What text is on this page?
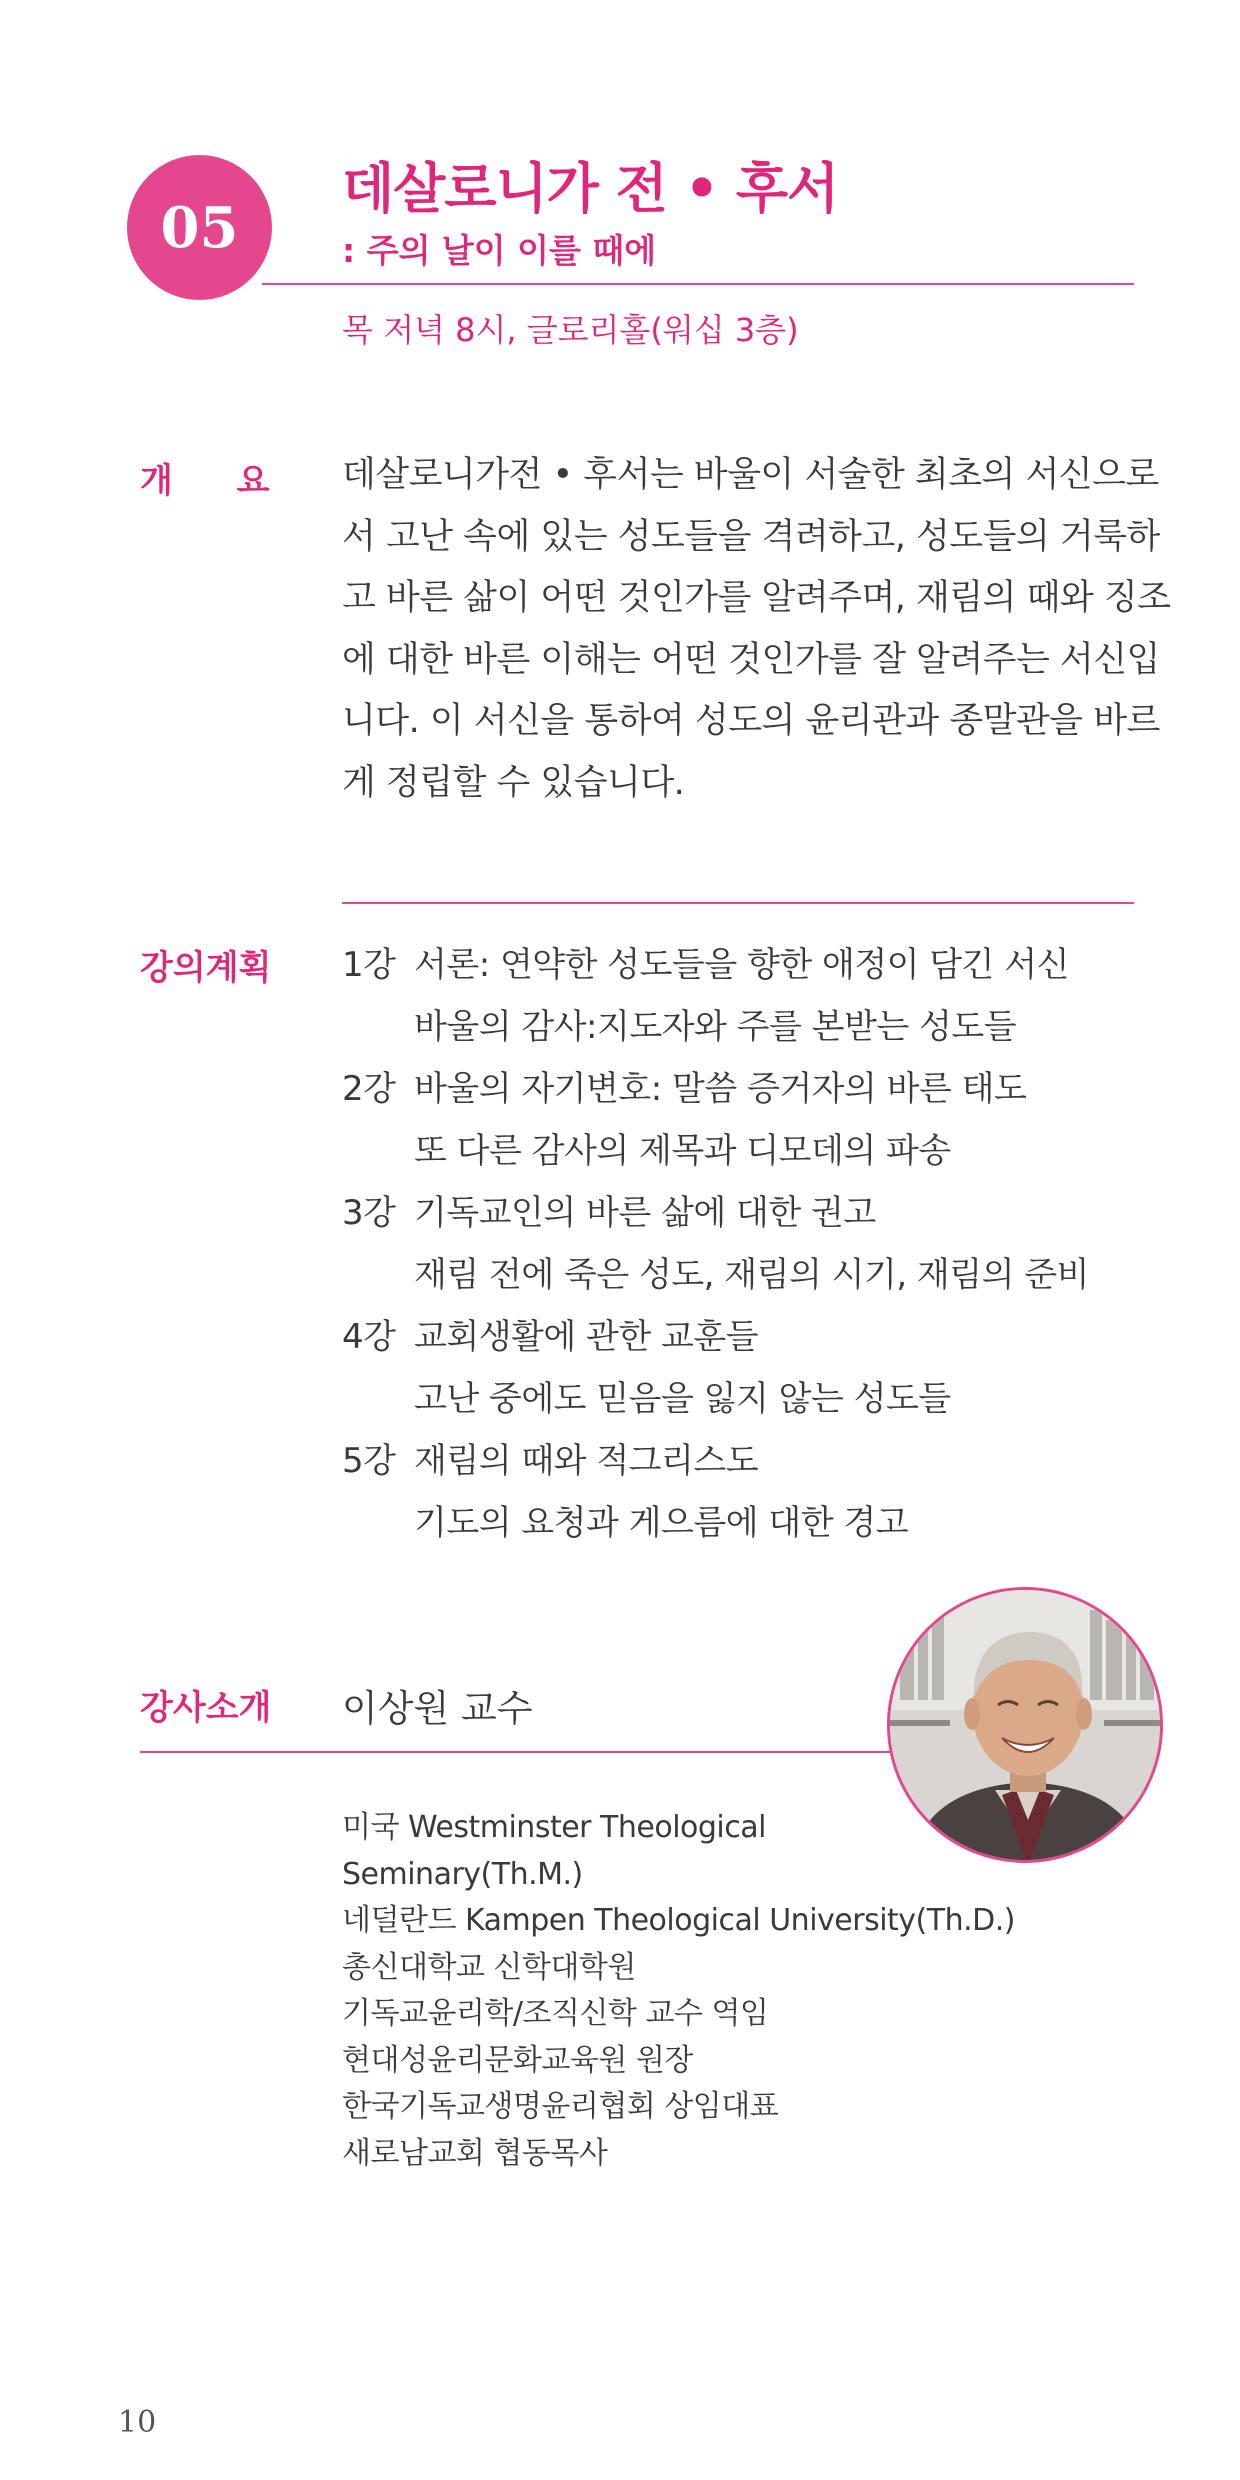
05
데살로니가 전 • 후서
: 주의 날이 이를 때에
목 저녁 8시, 글로리홀(워십 3층)
개 요 데살로니가전 • 후서는 바울이 서술한 최초의 서신으로
서 고난 속에 있는 성도들을 격려하고, 성도들의 거룩하
고 바른 삶이 어떤 것인가를 알려주며, 재림의 때와 징조
에 대한 바른 이해는 어떤 것인가를 잘 알려주는 서신입
니다. 이 서신을 통하여 성도의 윤리관과 종말관을 바르
게 정립할 수 있습니다.
강의계획 1강 서론: 연약한 성도들을 향한 애정이 담긴 서신
바울의 감사:지도자와 주를 본받는 성도들
2강 바울의 자기변호: 말씀 증거자의 바른 태도
또 다른 감사의 제목과 디모데의 파송
3강 기독교인의 바른 삶에 대한 권고
재림 전에 죽은 성도, 재림의 시기, 재림의 준비
4강 교회생활에 관한 교훈들
고난 중에도 믿음을 잃지 않는 성도들
5강 재림의 때와 적그리스도
기도의 요청과 게으름에 대한 경고
강사소개 이상원 교수
미국 Westminster Theological
Seminary(Th.M.)
네덜란드 Kampen Theological University(Th.D.)
총신대학교 신학대학원
기독교윤리학/조직신학 교수 역임
현대성윤리문화교육원 원장
한국기독교생명윤리협회 상임대표
새로남교회 협동목사
10
